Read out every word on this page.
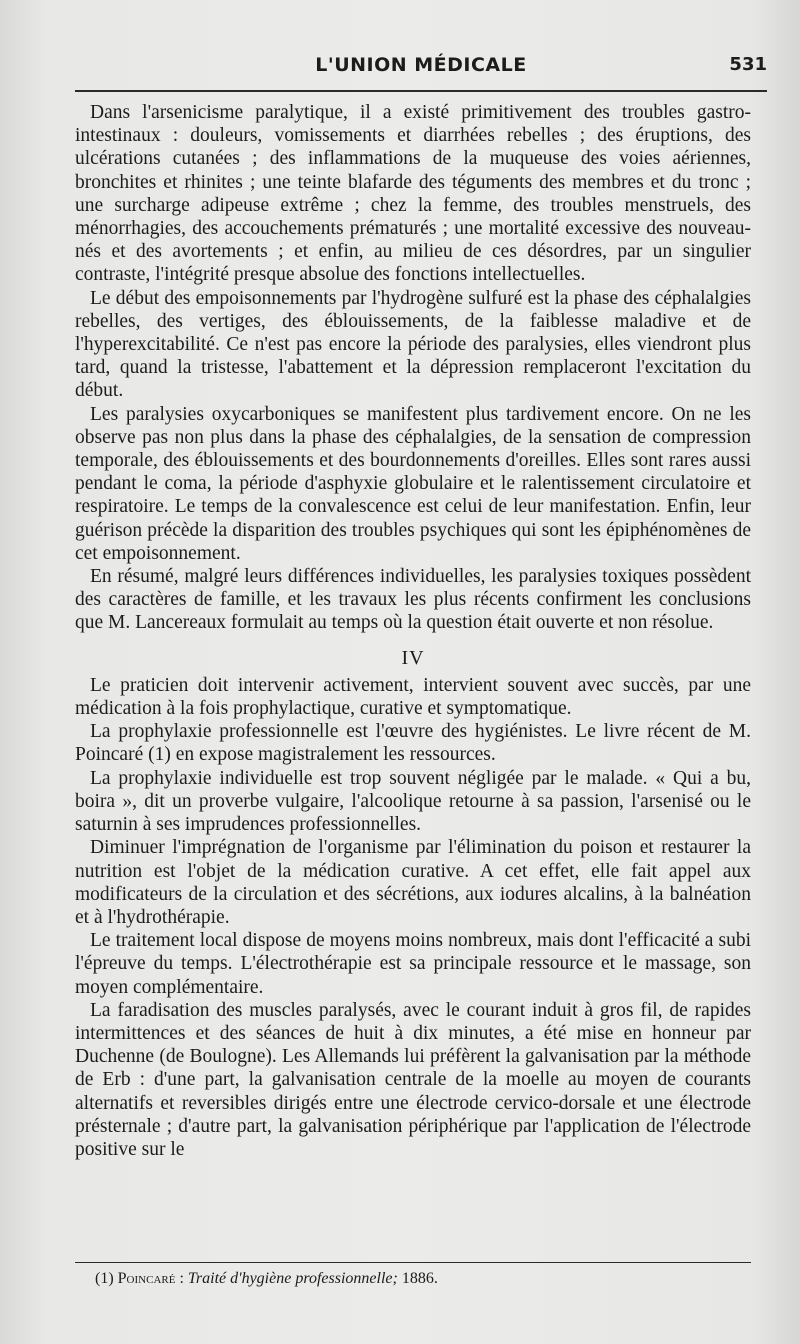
L'UNION MÉDICALE	531

Dans l'arsenicisme paralytique, il a existé primitivement des troubles gastro-intestinaux : douleurs, vomissements et diarrhées rebelles ; des éruptions, des ulcérations cutanées ; des inflammations de la muqueuse des voies aériennes, bronchites et rhinites ; une teinte blafarde des téguments des membres et du tronc ; une surcharge adipeuse extrême ; chez la femme, des troubles menstruels, des ménorrhagies, des accouchements prématurés ; une mortalité excessive des nouveau-nés et des avortements ; et enfin, au milieu de ces désordres, par un singulier contraste, l'intégrité presque absolue des fonctions intellectuelles.

Le début des empoisonnements par l'hydrogène sulfuré est la phase des céphalalgies rebelles, des vertiges, des éblouissements, de la faiblesse maladive et de l'hyperexcitabilité. Ce n'est pas encore la période des paralysies, elles viendront plus tard, quand la tristesse, l'abattement et la dépression remplaceront l'excitation du début.

Les paralysies oxycarboniques se manifestent plus tardivement encore. On ne les observe pas non plus dans la phase des céphalalgies, de la sensation de compression temporale, des éblouissements et des bourdonnements d'oreilles. Elles sont rares aussi pendant le coma, la période d'asphyxie globulaire et le ralentissement circulatoire et respiratoire. Le temps de la convalescence est celui de leur manifestation. Enfin, leur guérison précède la disparition des troubles psychiques qui sont les épiphénomènes de cet empoisonnement.

En résumé, malgré leurs différences individuelles, les paralysies toxiques possèdent des caractères de famille, et les travaux les plus récents confirment les conclusions que M. Lancereaux formulait au temps où la question était ouverte et non résolue.

IV

Le praticien doit intervenir activement, intervient souvent avec succès, par une médication à la fois prophylactique, curative et symptomatique.

La prophylaxie professionnelle est l'œuvre des hygiénistes. Le livre récent de M. Poincaré (1) en expose magistralement les ressources.

La prophylaxie individuelle est trop souvent négligée par le malade. « Qui a bu, boira », dit un proverbe vulgaire, l'alcoolique retourne à sa passion, l'arsenisé ou le saturnin à ses imprudences professionnelles.

Diminuer l'imprégnation de l'organisme par l'élimination du poison et restaurer la nutrition est l'objet de la médication curative. A cet effet, elle fait appel aux modificateurs de la circulation et des sécrétions, aux iodures alcalins, à la balnéation et à l'hydrothérapie.

Le traitement local dispose de moyens moins nombreux, mais dont l'efficacité a subi l'épreuve du temps. L'électrothérapie est sa principale ressource et le massage, son moyen complémentaire.

La faradisation des muscles paralysés, avec le courant induit à gros fil, de rapides intermittences et des séances de huit à dix minutes, a été mise en honneur par Duchenne (de Boulogne). Les Allemands lui préfèrent la galvanisation par la méthode de Erb : d'une part, la galvanisation centrale de la moelle au moyen de courants alternatifs et reversibles dirigés entre une électrode cervico-dorsale et une électrode présternale ; d'autre part, la galvanisation périphérique par l'application de l'électrode positive sur le

(1) Poincaré : Traité d'hygiène professionnelle; 1886.
